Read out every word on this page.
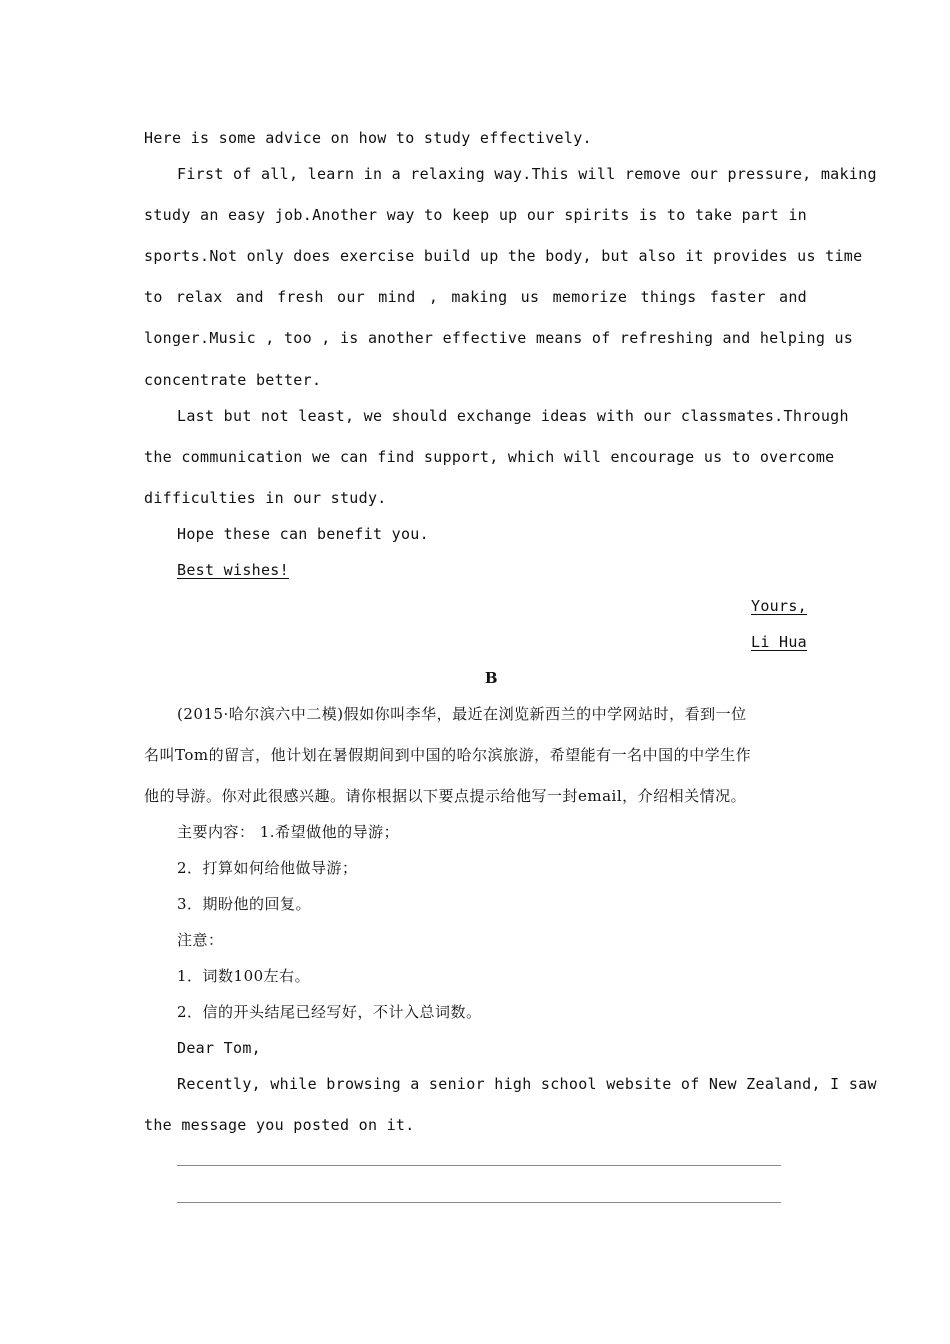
Here is some advice on how to study effectively.
First of all, learn in a relaxing way.This will remove our pressure, making
study an easy job.Another way to keep up our spirits is to take part in
sports.Not only does exercise build up the body, but also it provides us time
to relax and fresh our mind , making us memorize things faster and
longer.Music , too , is another effective means of refreshing and helping us
concentrate better.
Last but not least, we should exchange ideas with our classmates.Through
the communication we can find support, which will encourage us to overcome
difficulties in our study.
Hope these can benefit you.
Best wishes!
Yours,
Li Hua
B
(2015·哈尔滨六中二模)假如你叫李华，最近在浏览新西兰的中学网站时，看到一位
名叫Tom的留言，他计划在暑假期间到中国的哈尔滨旅游，希望能有一名中国的中学生作
他的导游。你对此很感兴趣。请你根据以下要点提示给他写一封email，介绍相关情况。
主要内容： 1.希望做他的导游；
2．打算如何给他做导游；
3．期盼他的回复。
注意：
1．词数100左右。
2．信的开头结尾已经写好，不计入总词数。
Dear Tom,
Recently, while browsing a senior high school website of New Zealand, I saw
the message you posted on it.
